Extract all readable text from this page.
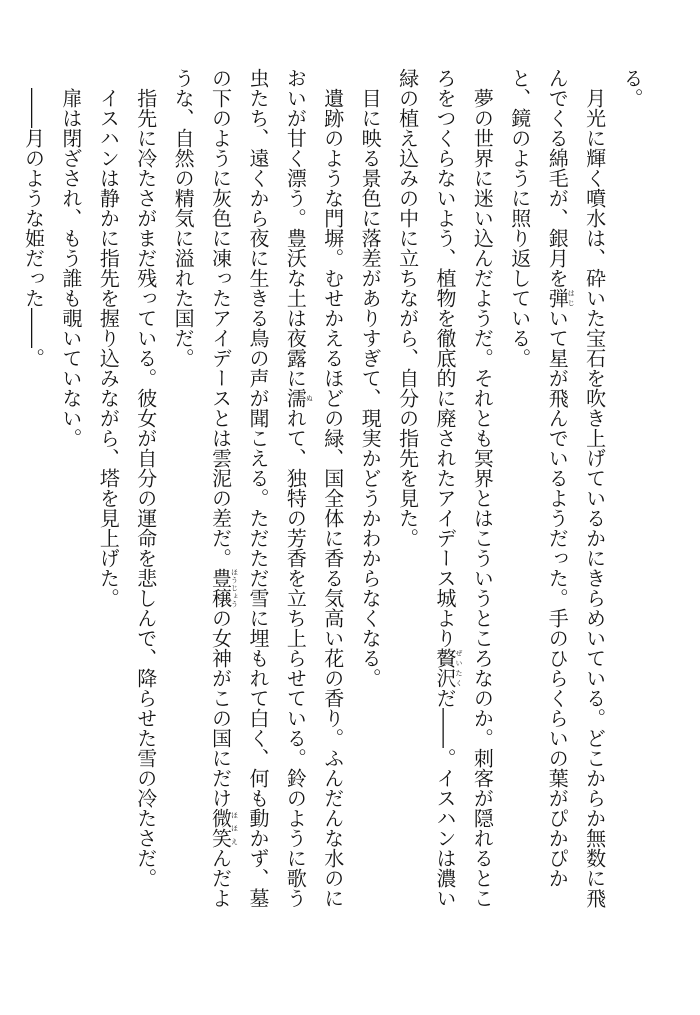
る。
　月光に輝く噴水は、砕いた宝石を吹き上げているかにきらめいている。どこからか無数に飛
んでくる綿毛が、銀月を弾はじいて星が飛んでいるようだった。手のひらくらいの葉がぴかぴか
と、鏡のように照り返している。
　夢の世界に迷い込んだようだ。それとも冥界とはこういうところなのか。刺客が隠れるとこ
ろをつくらないよう、植物を徹底的に廃されたアイデース城より贅沢ぜいたくだ――。イスハンは濃い
緑の植え込みの中に立ちながら、自分の指先を見た。
　目に映る景色に落差がありすぎて、現実かどうかわからなくなる。
　遺跡のような門塀。むせかえるほどの緑、国全体に香る気高い花の香り。ふんだんな水のに
おいが甘く漂う。豊沃な土は夜露に濡ぬれて、独特の芳香を立ち上らせている。鈴のように歌う
虫たち、遠くから夜に生きる鳥の声が聞こえる。ただただ雪に埋もれて白く、何も動かず、墓
の下のように灰色に凍ったアイデースとは雲泥の差だ。豊穣ほうじょうの女神がこの国にだけ微笑ほほえんだよ
うな、自然の精気に溢れた国だ。
　指先に冷たさがまだ残っている。彼女が自分の運命を悲しんで、降らせた雪の冷たさだ。
　イスハンは静かに指先を握り込みながら、塔を見上げた。
　扉は閉ざされ、もう誰も覗いていない。
　――月のような姫だった――。
